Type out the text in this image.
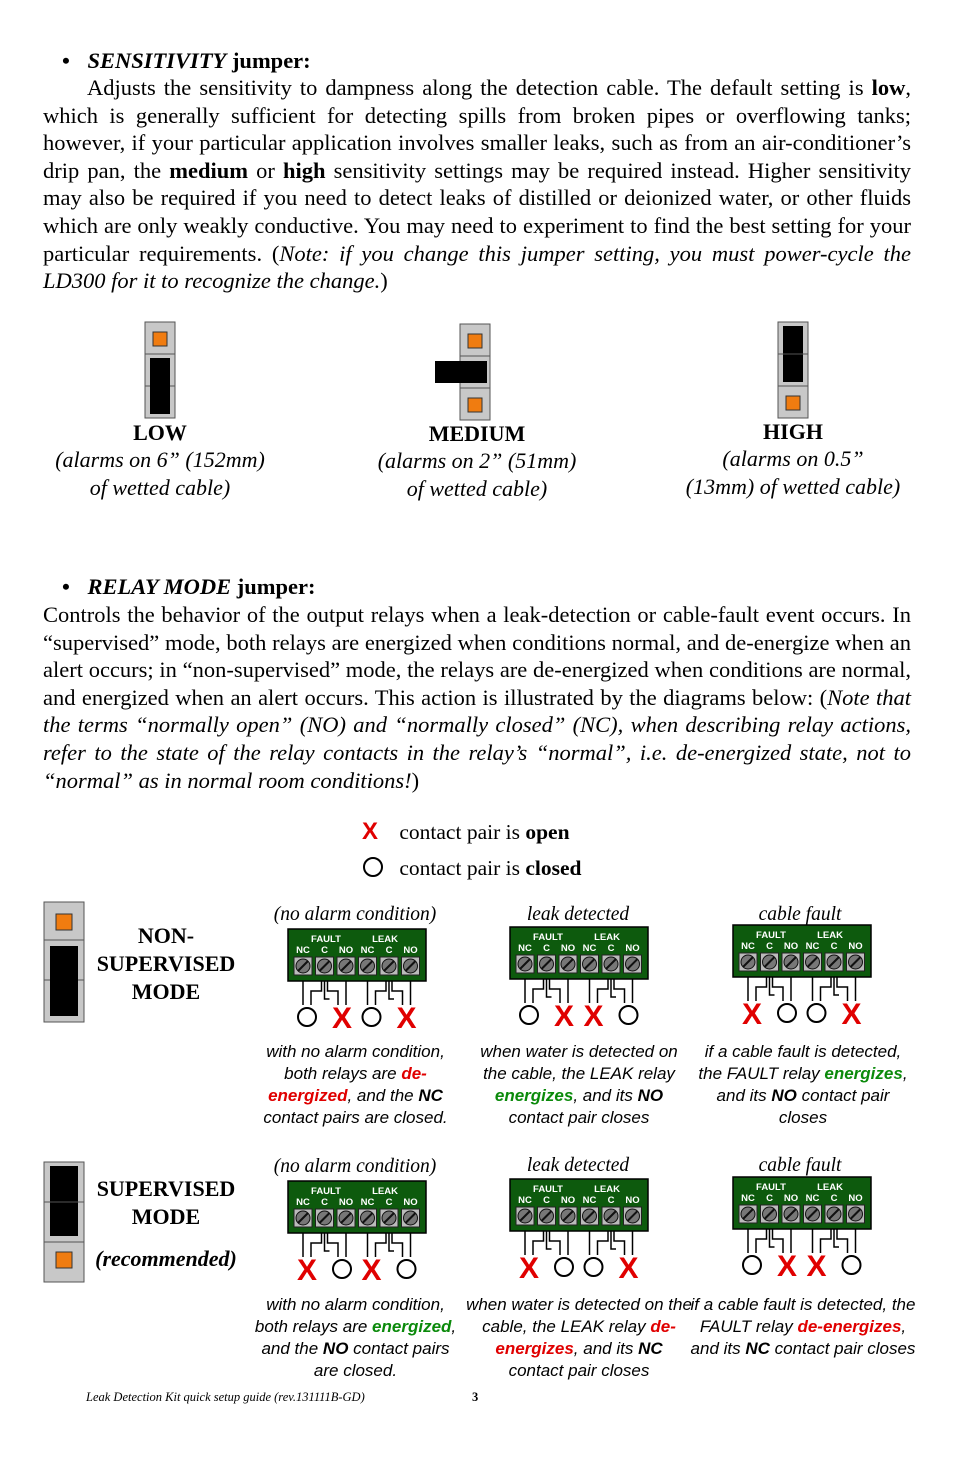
• SENSITIVITY jumper:
Adjusts the sensitivity to dampness along the detection cable. The default setting is low, which is generally sufficient for detecting spills from broken pipes or overflowing tanks; however, if your particular application involves smaller leaks, such as from an air-conditioner’s drip pan, the medium or high sensitivity settings may be required instead. Higher sensitivity may also be required if you need to detect leaks of distilled or deionized water, or other fluids which are only weakly conductive. You may need to experiment to find the best setting for your particular requirements. (Note: if you change this jumper setting, you must power-cycle the LD300 for it to recognize the change.)
LOW
(alarms on 6” (152mm)
of wetted cable)
MEDIUM
(alarms on 2” (51mm)
of wetted cable)
HIGH
(alarms on 0.5”
(13mm) of wetted cable)
• RELAY MODE jumper:
Controls the behavior of the output relays when a leak-detection or cable-fault event occurs. In “supervised” mode, both relays are energized when conditions normal, and de-energize when an alert occurs; in “non-supervised” mode, the relays are de-energized when conditions are normal, and energized when an alert occurs. This action is illustrated by the diagrams below: (Note that the terms “normally open” (NO) and “normally closed” (NC), when describing relay actions, refer to the state of the relay contacts in the relay’s “normal”, i.e. de-energized state, not to “normal” as in normal room conditions!)
X contact pair is open
contact pair is closed
NON-
SUPERVISED
MODE
SUPERVISED
MODE
(recommended)
(no alarm condition)	leak detected	cable fault
(no alarm condition)	leak detected	cable fault
FAULT	LEAK
NC C NO NC C NO
X X
FAULT	LEAK
NC C NO NC C NO
X X
FAULT	LEAK
NC C NO NC C NO
X	X
FAULT	LEAK
NC C NO NC C NO
X X
FAULT	LEAK
NC C NO NC C NO
X	X
FAULT	LEAK
NC C NO NC C NO
X X
with no alarm condition, both relays are de-energized, and the NC contact pairs are closed.
when water is detected on the cable, the LEAK relay energizes, and its NO contact pair closes
if a cable fault is detected, the FAULT relay energizes, and its NO contact pair closes
with no alarm condition, both relays are energized, and the NO contact pairs are closed.
when water is detected on the cable, the LEAK relay de-energizes, and its NC contact pair closes
if a cable fault is detected, the FAULT relay de-energizes, and its NC contact pair closes
Leak Detection Kit quick setup guide (rev.131111B-GD)	3
